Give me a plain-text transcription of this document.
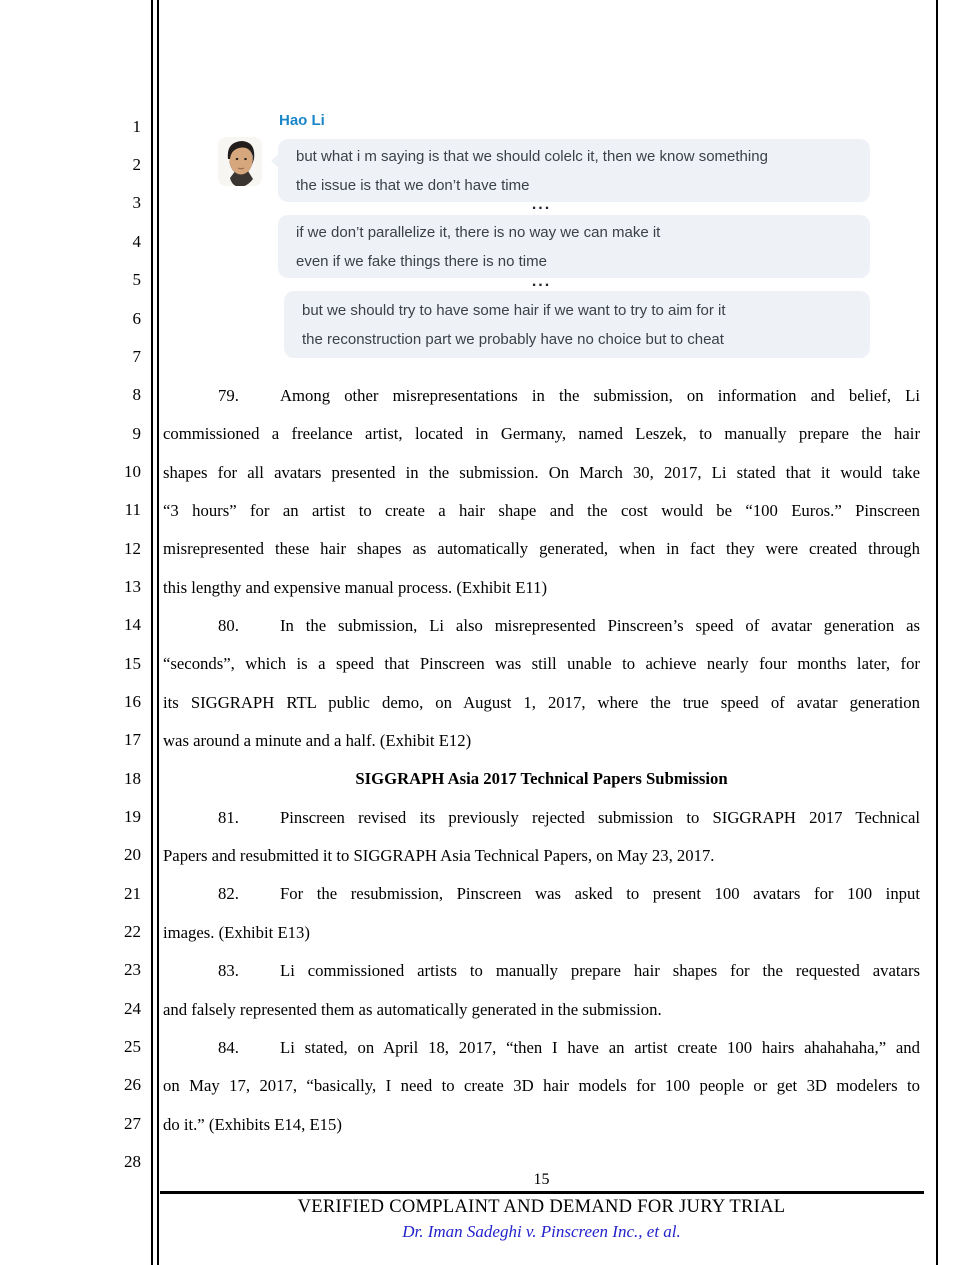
1
2
3
4
5
6
7
8
9
10
11
12
13
14
15
16
17
18
19
20
21
22
23
24
25
26
27
28
Hao Li
but what i m saying is that we should colelc it, then we know something
the issue is that we don’t have time
...
if we don’t parallelize it, there is no way we can make it
even if we fake things there is no time
...
but we should try to have some hair if we want to try to aim for it
the reconstruction part we probably have no choice but to cheat
79. Among other misrepresentations in the submission, on information and belief, Li
commissioned a freelance artist, located in Germany, named Leszek, to manually prepare the hair
shapes for all avatars presented in the submission. On March 30, 2017, Li stated that it would take
“3 hours” for an artist to create a hair shape and the cost would be “100 Euros.” Pinscreen
misrepresented these hair shapes as automatically generated, when in fact they were created through
this lengthy and expensive manual process. (Exhibit E11)
80. In the submission, Li also misrepresented Pinscreen’s speed of avatar generation as
“seconds”, which is a speed that Pinscreen was still unable to achieve nearly four months later, for
its SIGGRAPH RTL public demo, on August 1, 2017, where the true speed of avatar generation
was around a minute and a half. (Exhibit E12)
SIGGRAPH Asia 2017 Technical Papers Submission
81. Pinscreen revised its previously rejected submission to SIGGRAPH 2017 Technical
Papers and resubmitted it to SIGGRAPH Asia Technical Papers, on May 23, 2017.
82. For the resubmission, Pinscreen was asked to present 100 avatars for 100 input
images. (Exhibit E13)
83. Li commissioned artists to manually prepare hair shapes for the requested avatars
and falsely represented them as automatically generated in the submission.
84. Li stated, on April 18, 2017, “then I have an artist create 100 hairs ahahahaha,” and
on May 17, 2017, “basically, I need to create 3D hair models for 100 people or get 3D modelers to
do it.” (Exhibits E14, E15)
15
VERIFIED COMPLAINT AND DEMAND FOR JURY TRIAL
Dr. Iman Sadeghi v. Pinscreen Inc., et al.
